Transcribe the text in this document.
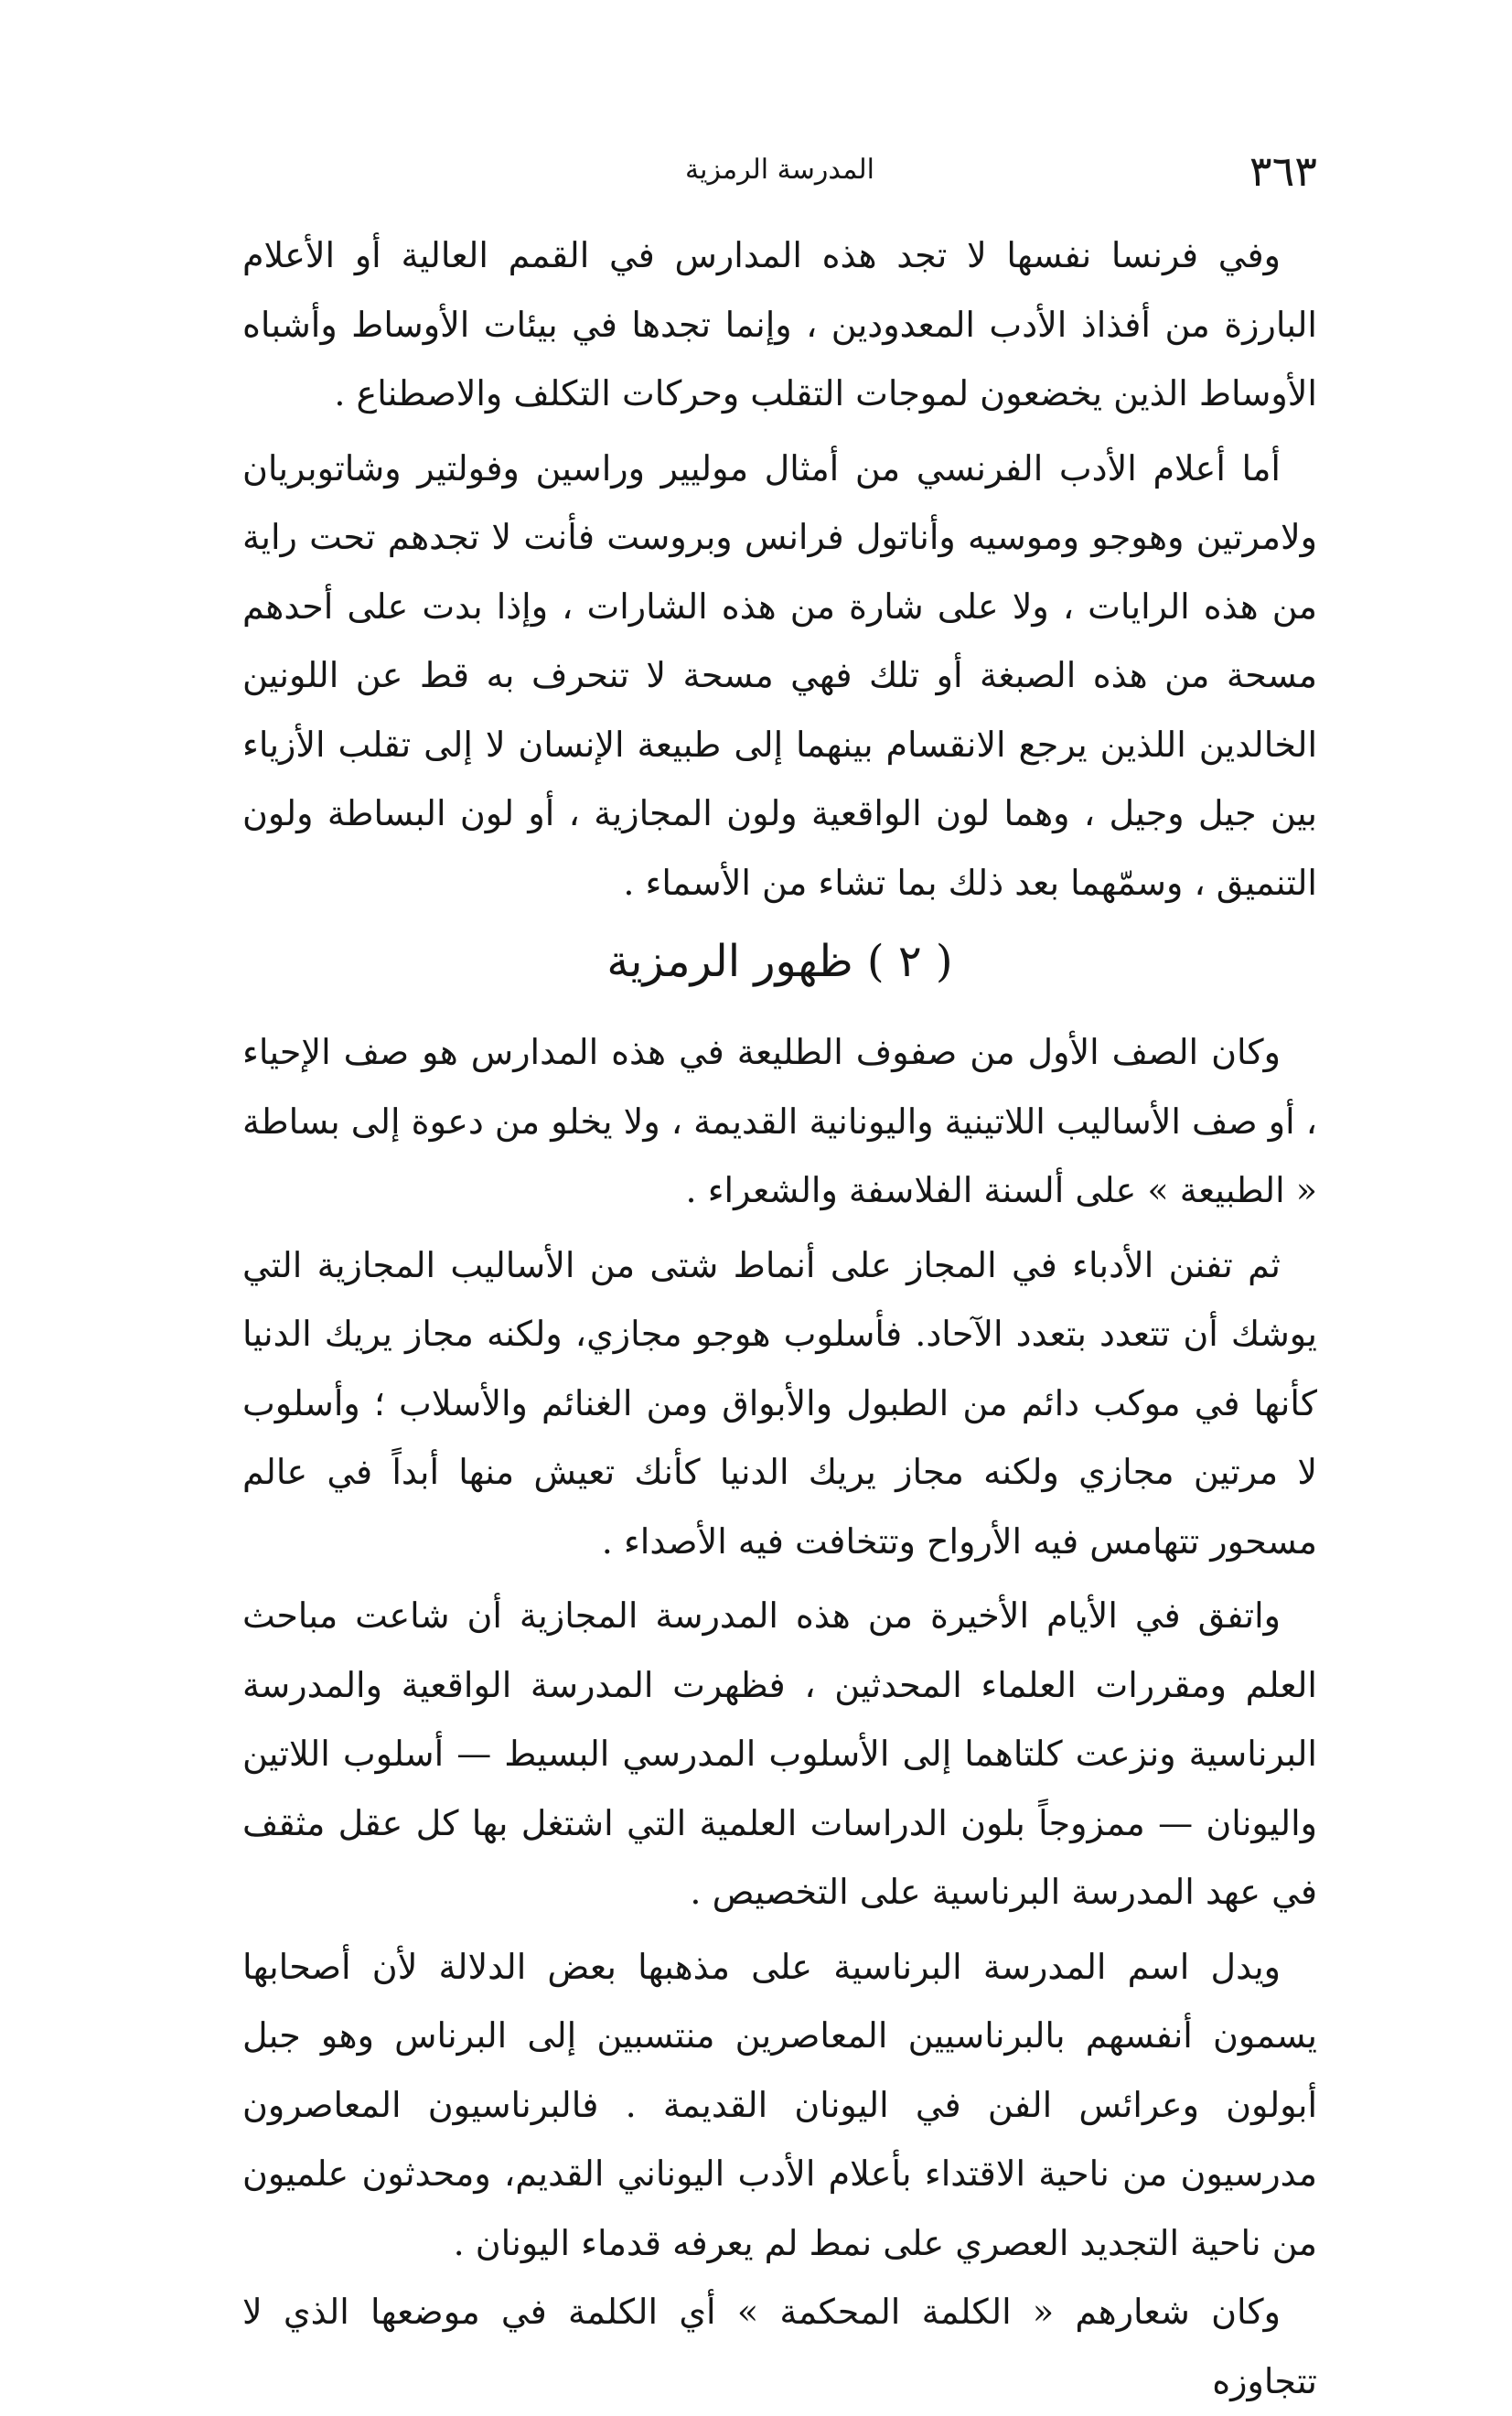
٣٦٣
المدرسة الرمزية

وفي فرنسا نفسها لا تجد هذه المدارس في القمم العالية أو الأعلام البارزة من أفذاذ الأدب المعدودين ، وإنما تجدها في بيئات الأوساط وأشباه الأوساط الذين يخضعون لموجات التقلب وحركات التكلف والاصطناع .

أما أعلام الأدب الفرنسي من أمثال موليير وراسين وفولتير وشاتوبريان ولامرتين وهوجو وموسيه وأناتول فرانس وبروست فأنت لا تجدهم تحت راية من هذه الرايات ، ولا على شارة من هذه الشارات ، وإذا بدت على أحدهم مسحة من هذه الصبغة أو تلك فهي مسحة لا تنحرف به قط عن اللونين الخالدين اللذين يرجع الانقسام بينهما إلى طبيعة الإنسان لا إلى تقلب الأزياء بين جيل وجيل ، وهما لون الواقعية ولون المجازية ، أو لون البساطة ولون التنميق ، وسمّهما بعد ذلك بما تشاء من الأسماء .

( ٢ ) ظهور الرمزية

وكان الصف الأول من صفوف الطليعة في هذه المدارس هو صف الإحياء ، أو صف الأساليب اللاتينية واليونانية القديمة ، ولا يخلو من دعوة إلى بساطة « الطبيعة » على ألسنة الفلاسفة والشعراء .

ثم تفنن الأدباء في المجاز على أنماط شتى من الأساليب المجازية التي يوشك أن تتعدد بتعدد الآحاد. فأسلوب هوجو مجازي، ولكنه مجاز يريك الدنيا كأنها في موكب دائم من الطبول والأبواق ومن الغنائم والأسلاب ؛ وأسلوب لا مرتين مجازي ولكنه مجاز يريك الدنيا كأنك تعيش منها أبداً في عالم مسحور تتهامس فيه الأرواح وتتخافت فيه الأصداء .

واتفق في الأيام الأخيرة من هذه المدرسة المجازية أن شاعت مباحث العلم ومقررات العلماء المحدثين ، فظهرت المدرسة الواقعية والمدرسة البرناسية ونزعت كلتاهما إلى الأسلوب المدرسي البسيط — أسلوب اللاتين واليونان — ممزوجاً بلون الدراسات العلمية التي اشتغل بها كل عقل مثقف في عهد المدرسة البرناسية على التخصيص .

ويدل اسم المدرسة البرناسية على مذهبها بعض الدلالة لأن أصحابها يسمون أنفسهم بالبرناسيين المعاصرين منتسبين إلى البرناس وهو جبل أبولون وعرائس الفن في اليونان القديمة . فالبرناسيون المعاصرون مدرسيون من ناحية الاقتداء بأعلام الأدب اليوناني القديم، ومحدثون علميون من ناحية التجديد العصري على نمط لم يعرفه قدماء اليونان .

وكان شعارهم « الكلمة المحكمة » أي الكلمة في موضعها الذي لا تتجاوزه
